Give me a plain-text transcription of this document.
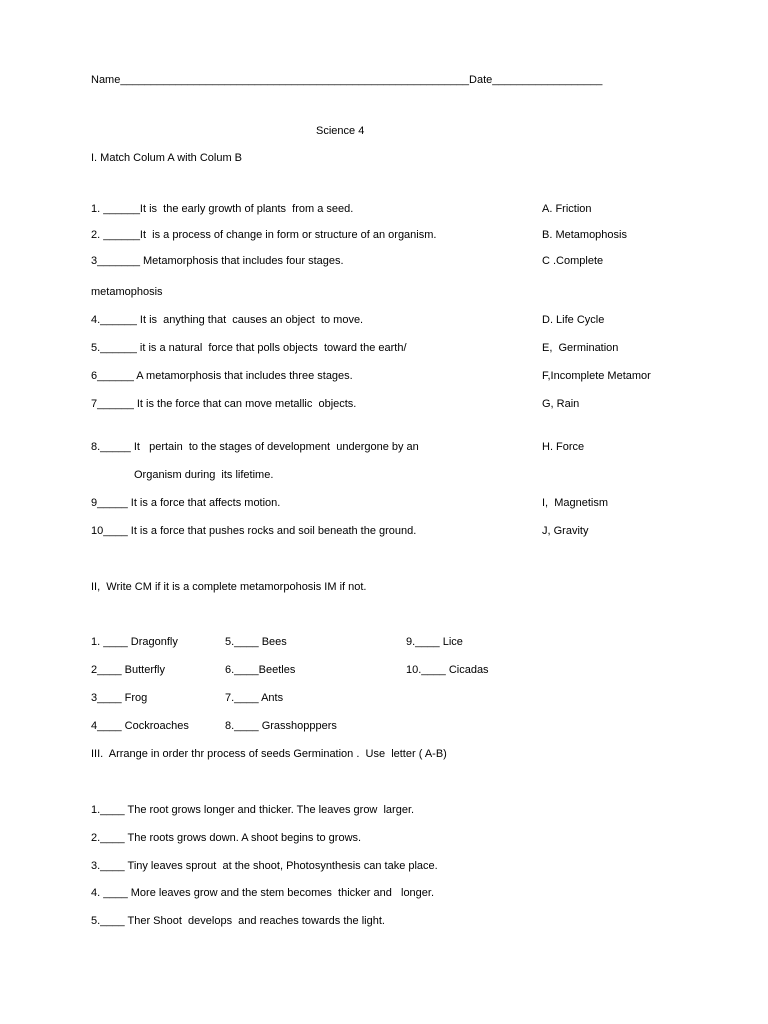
Name_________________________________________________________Date__________________
Science 4
I. Match Colum A with Colum B
1. ______It is  the early growth of plants  from a seed.	A. Friction
2. ______It  is a process of change in form or structure of an organism.	B. Metamophosis
3_______ Metamorphosis that includes four stages.	C .Complete
metamophosis
4.______ It is  anything that  causes an object  to move.	D. Life Cycle
5.______ it is a natural  force that polls objects  toward the earth/	E,  Germination
6______ A metamorphosis that includes three stages.	F,Incomplete Metamor
7______ It is the force that can move metallic  objects.	G, Rain
8._____ It   pertain  to the stages of development  undergone by an	H. Force
Organism during  its lifetime.
9_____ It is a force that affects motion.	I,  Magnetism
10____ It is a force that pushes rocks and soil beneath the ground.	J, Gravity
II,  Write CM if it is a complete metamorpohosis IM if not.
1. ____ Dragonfly	5.____ Bees	9.____ Lice
2____ Butterfly	6.____Beetles	10.____ Cicadas
3____ Frog	7.____ Ants
4____ Cockroaches	8.____ Grasshopppers
III.  Arrange in order thr process of seeds Germination .  Use  letter ( A-B)
1.____ The root grows longer and thicker. The leaves grow  larger.
2.____ The roots grows down. A shoot begins to grows.
3.____ Tiny leaves sprout  at the shoot, Photosynthesis can take place.
4. ____ More leaves grow and the stem becomes  thicker and   longer.
5.____ Ther Shoot  develops  and reaches towards the light.
